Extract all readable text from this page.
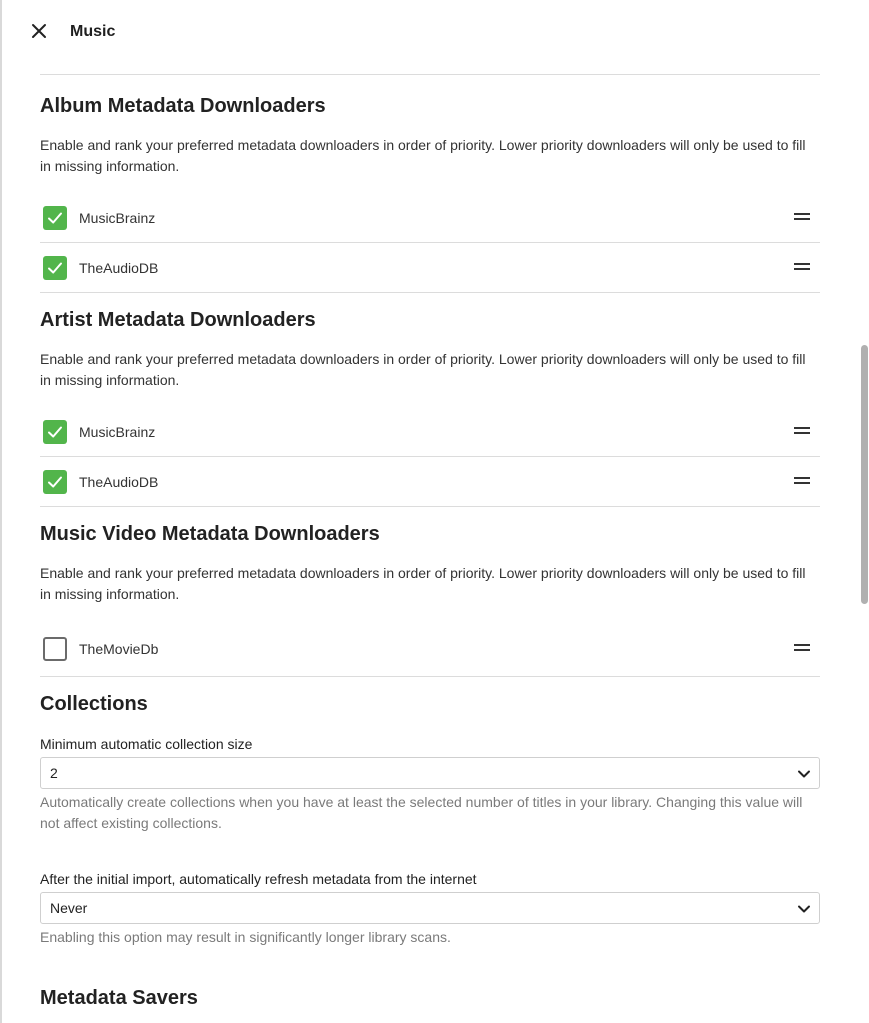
Music
Album Metadata Downloaders
Enable and rank your preferred metadata downloaders in order of priority. Lower priority downloaders will only be used to fill in missing information.
MusicBrainz
TheAudioDB
Artist Metadata Downloaders
Enable and rank your preferred metadata downloaders in order of priority. Lower priority downloaders will only be used to fill in missing information.
MusicBrainz
TheAudioDB
Music Video Metadata Downloaders
Enable and rank your preferred metadata downloaders in order of priority. Lower priority downloaders will only be used to fill in missing information.
TheMovieDb
Collections
Minimum automatic collection size
2
Automatically create collections when you have at least the selected number of titles in your library. Changing this value will not affect existing collections.
After the initial import, automatically refresh metadata from the internet
Never
Enabling this option may result in significantly longer library scans.
Metadata Savers
